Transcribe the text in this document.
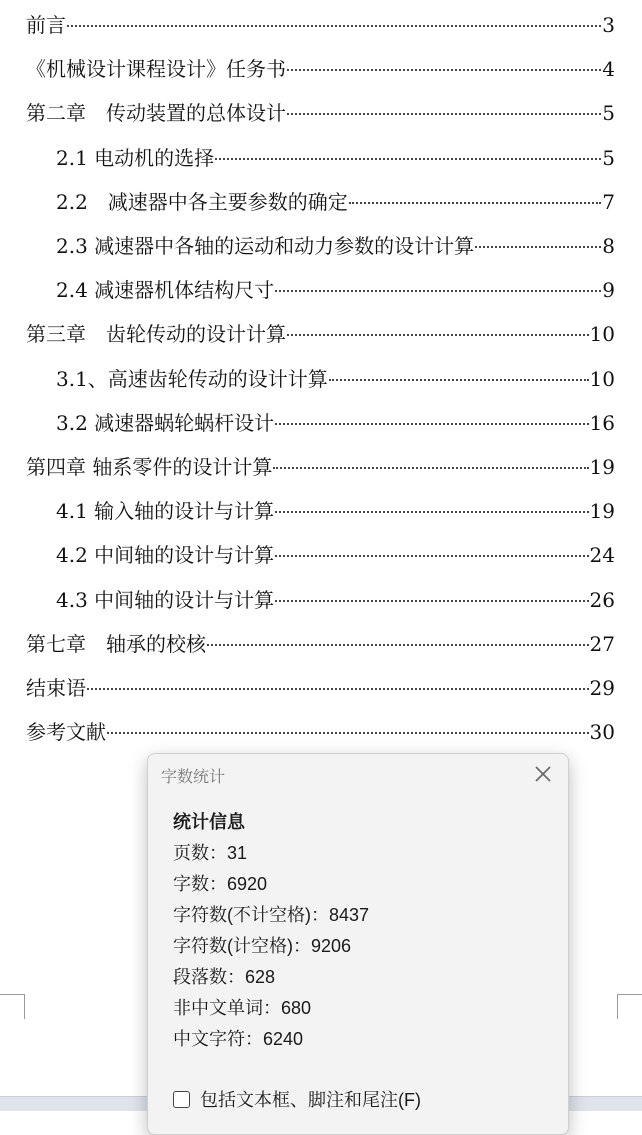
前言	3
《机械设计课程设计》任务书	4
第二章　传动装置的总体设计	5
2.1 电动机的选择	5
2.2　减速器中各主要参数的确定	7
2.3 减速器中各轴的运动和动力参数的设计计算	8
2.4 减速器机体结构尺寸	9
第三章　齿轮传动的设计计算	10
3.1、高速齿轮传动的设计计算	10
3.2 减速器蜗轮蜗杆设计	16
第四章 轴系零件的设计计算	19
4.1 输入轴的设计与计算	19
4.2 中间轴的设计与计算	24
4.3 中间轴的设计与计算	26
第七章　轴承的校核	27
结束语	29
参考文献	30
字数统计
统计信息
页数：31
字数：6920
字符数(不计空格)：8437
字符数(计空格)：9206
段落数：628
非中文单词：680
中文字符：6240
包括文本框、脚注和尾注(F)
